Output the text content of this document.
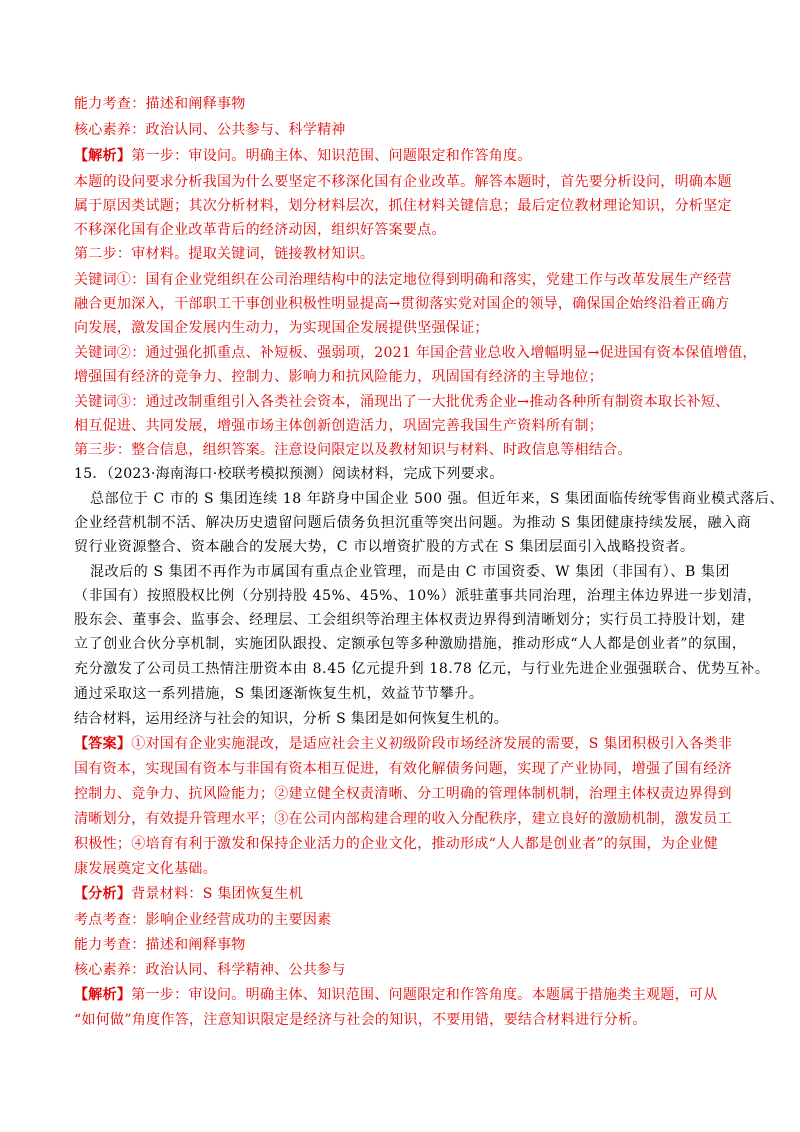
能力考查：描述和阐释事物
核心素养：政治认同、公共参与、科学精神
【解析】第一步：审设问。明确主体、知识范围、问题限定和作答角度。
本题的设问要求分析我国为什么要坚定不移深化国有企业改革。解答本题时，首先要分析设问，明确本题
属于原因类试题；其次分析材料，划分材料层次，抓住材料关键信息；最后定位教材理论知识，分析坚定
不移深化国有企业改革背后的经济动因，组织好答案要点。
第二步：审材料。提取关键词，链接教材知识。
关键词①：国有企业党组织在公司治理结构中的法定地位得到明确和落实，党建工作与改革发展生产经营
融合更加深入，干部职工干事创业积极性明显提高→贯彻落实党对国企的领导，确保国企始终沿着正确方
向发展，激发国企发展内生动力，为实现国企发展提供坚强保证；
关键词②：通过强化抓重点、补短板、强弱项，2021 年国企营业总收入增幅明显→促进国有资本保值增值，
增强国有经济的竞争力、控制力、影响力和抗风险能力，巩固国有经济的主导地位；
关键词③：通过改制重组引入各类社会资本，涌现出了一大批优秀企业→推动各种所有制资本取长补短、
相互促进、共同发展，增强市场主体创新创造活力，巩固完善我国生产资料所有制；
第三步：整合信息，组织答案。注意设问限定以及教材知识与材料、时政信息等相结合。
15．（2023·海南海口·校联考模拟预测）阅读材料，完成下列要求。
总部位于 C 市的 S 集团连续 18 年跻身中国企业 500 强。但近年来，S 集团面临传统零售商业模式落后、
企业经营机制不活、解决历史遗留问题后债务负担沉重等突出问题。为推动 S 集团健康持续发展，融入商
贸行业资源整合、资本融合的发展大势，C 市以增资扩股的方式在 S 集团层面引入战略投资者。
混改后的 S 集团不再作为市属国有重点企业管理，而是由 C 市国资委、W 集团（非国有）、B 集团
（非国有）按照股权比例（分别持股 45%、45%、10%）派驻董事共同治理，治理主体边界进一步划清，
股东会、董事会、监事会、经理层、工会组织等治理主体权责边界得到清晰划分；实行员工持股计划，建
立了创业合伙分享机制，实施团队跟投、定额承包等多种激励措施，推动形成“人人都是创业者”的氛围，
充分激发了公司员工热情注册资本由 8.45 亿元提升到 18.78 亿元，与行业先进企业强强联合、优势互补。
通过采取这一系列措施，S 集团逐渐恢复生机，效益节节攀升。
结合材料，运用经济与社会的知识，分析 S 集团是如何恢复生机的。
【答案】①对国有企业实施混改，是适应社会主义初级阶段市场经济发展的需要，S 集团积极引入各类非
国有资本，实现国有资本与非国有资本相互促进，有效化解债务问题，实现了产业协同，增强了国有经济
控制力、竞争力、抗风险能力；②建立健全权责清晰、分工明确的管理体制机制，治理主体权责边界得到
清晰划分，有效提升管理水平；③在公司内部构建合理的收入分配秩序，建立良好的激励机制，激发员工
积极性；④培育有利于激发和保持企业活力的企业文化，推动形成“人人都是创业者”的氛围，为企业健
康发展奠定文化基础。
【分析】背景材料：S 集团恢复生机
考点考查：影响企业经营成功的主要因素
能力考查：描述和阐释事物
核心素养：政治认同、科学精神、公共参与
【解析】第一步：审设问。明确主体、知识范围、问题限定和作答角度。本题属于措施类主观题，可从
“如何做”角度作答，注意知识限定是经济与社会的知识，不要用错，要结合材料进行分析。
